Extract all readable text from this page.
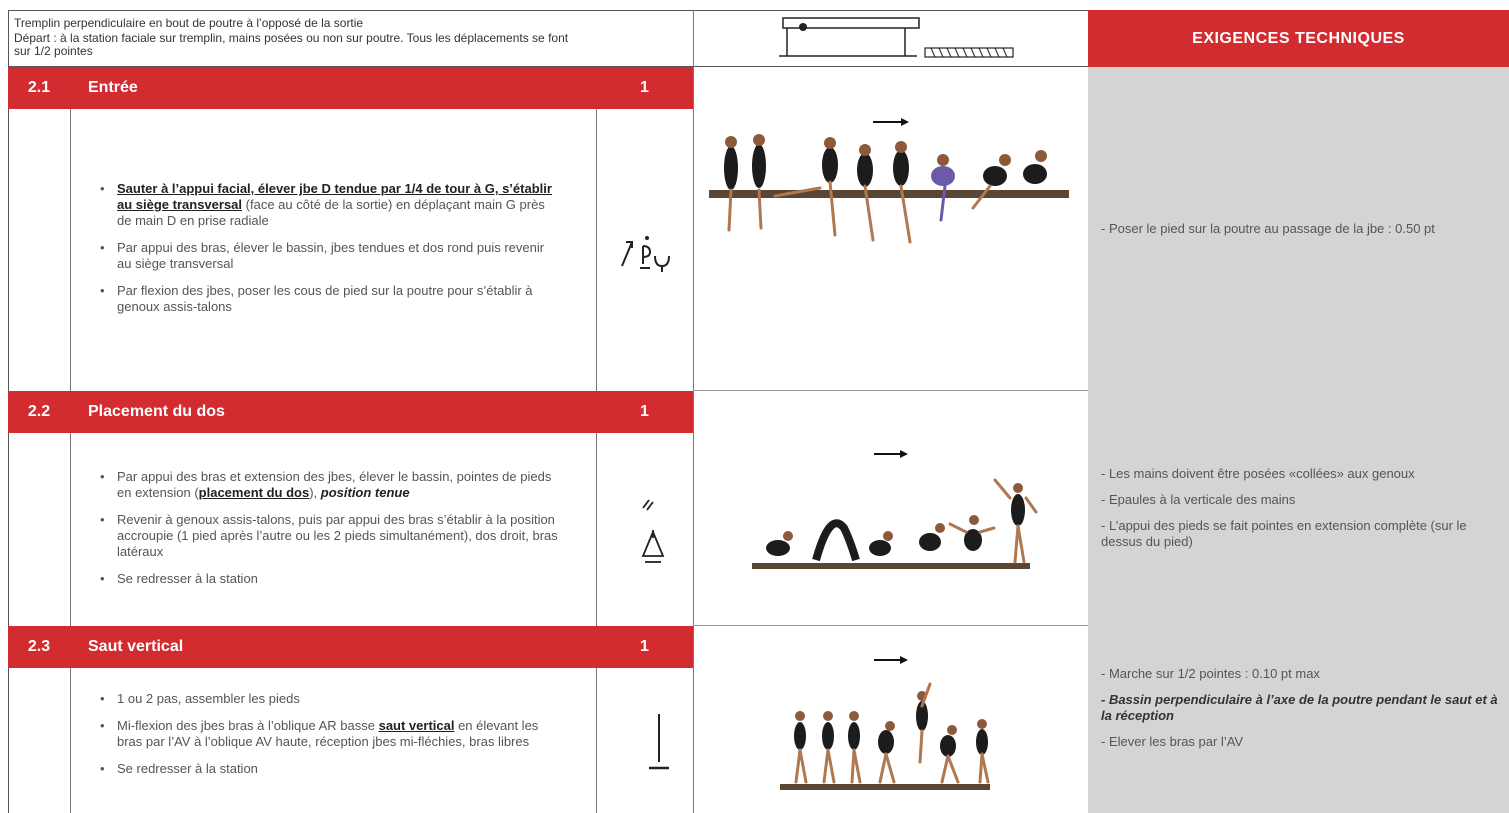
Tremplin perpendiculaire en bout de poutre à l’opposé de la sortie
Départ : à la station faciale sur tremplin, mains posées ou non sur poutre. Tous les déplacements se font
sur 1/2 pointes
EXIGENCES TECHNIQUES
2.1	Entrée	1
• Sauter à l’appui facial, élever jbe D tendue par 1/4 de tour à G, s’établir au siège transversal (face au côté de la sortie) en déplaçant main G près de main D en prise radiale
• Par appui des bras, élever le bassin, jbes tendues et dos rond puis revenir au siège transversal
• Par flexion des jbes, poser les cous de pied sur la poutre pour s’établir à genoux assis-talons
- Poser le pied sur la poutre au passage de la jbe : 0.50 pt
2.2	Placement du dos	1
• Par appui des bras et extension des jbes, élever le bassin, pointes de pieds en extension (placement du dos), position tenue
• Revenir à genoux assis-talons, puis par appui des bras s’établir à la position accroupie (1 pied après l’autre ou les 2 pieds simultanément), dos droit, bras latéraux
• Se redresser à la station
- Les mains doivent être posées «collées» aux genoux
- Epaules à la verticale des mains
- L’appui des pieds se fait pointes en extension complète (sur le dessus du pied)
2.3	Saut vertical	1
• 1 ou 2 pas, assembler les pieds
• Mi-flexion des jbes bras à l’oblique AR basse saut vertical en élevant les bras par l’AV à l’oblique AV haute, réception jbes mi-fléchies, bras libres
• Se redresser à la station
- Marche sur 1/2 pointes : 0.10 pt max
- Bassin perpendiculaire à l’axe de la poutre pendant le saut et à la réception
- Elever les bras par l’AV
